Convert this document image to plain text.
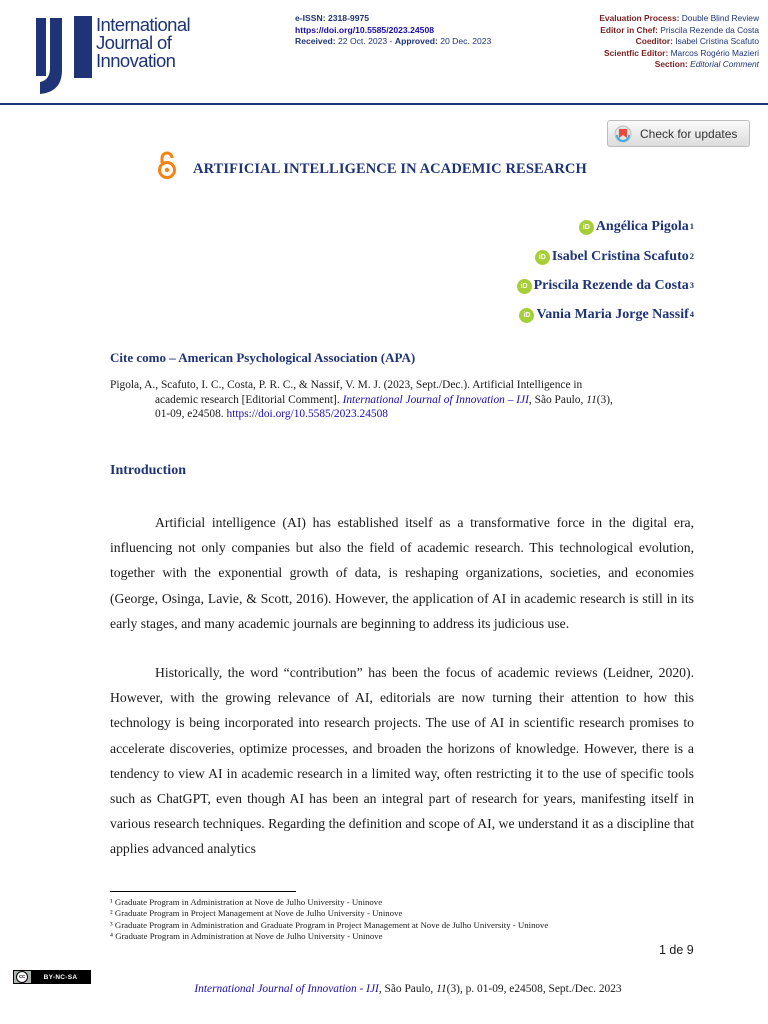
International
Journal of
Innovation
e-ISSN: 2318-9975
https://doi.org/10.5585/2023.24508
Received: 22 Oct. 2023 - Approved: 20 Dec. 2023
Evaluation Process: Double Blind Review
Editor in Chef: Priscila Rezende da Costa
Coeditor: Isabel Cristina Scafuto
Scientfic Editor: Marcos Rogério Mazieri
Section: Editorial Comment
Check for updates
ARTIFICIAL INTELLIGENCE IN ACADEMIC RESEARCH
iD Angélica Pigola$^1$
iD Isabel Cristina Scafuto$^2$
iD Priscila Rezende da Costa$^3$
iD Vania Maria Jorge Nassif $^4$
Cite como – American Psychological Association (APA)
Pigola, A., Scafuto, I. C., Costa, P. R. C., & Nassif, V. M. J. (2023, Sept./Dec.). Artificial Intelligence in
academic research [Editorial Comment]. International Journal of Innovation – IJI, São Paulo, 11(3),
01-09, e24508. https://doi.org/10.5585/2023.24508
Introduction
Artificial intelligence (AI) has established itself as a transformative force in the digital era, influencing not only companies but also the field of academic research. This technological evolution, together with the exponential growth of data, is reshaping organizations, societies, and economies (George, Osinga, Lavie, & Scott, 2016). However, the application of AI in academic research is still in its early stages, and many academic journals are beginning to address its judicious use.
Historically, the word “contribution” has been the focus of academic reviews (Leidner, 2020). However, with the growing relevance of AI, editorials are now turning their attention to how this technology is being incorporated into research projects. The use of AI in scientific research promises to accelerate discoveries, optimize processes, and broaden the horizons of knowledge. However, there is a tendency to view AI in academic research in a limited way, often restricting it to the use of specific tools such as ChatGPT, even though AI has been an integral part of research for years, manifesting itself in various research techniques. Regarding the definition and scope of AI, we understand it as a discipline that applies advanced analytics
¹ Graduate Program in Administration at Nove de Julho University - Uninove
² Graduate Program in Project Management at Nove de Julho University - Uninove
³ Graduate Program in Administration and Graduate Program in Project Management at Nove de Julho University - Uninove
⁴ Graduate Program in Administration at Nove de Julho University - Uninove
1 de 9
cc	BY-NC-SA
International Journal of Innovation - IJI, São Paulo, 11(3), p. 01-09, e24508, Sept./Dec. 2023
